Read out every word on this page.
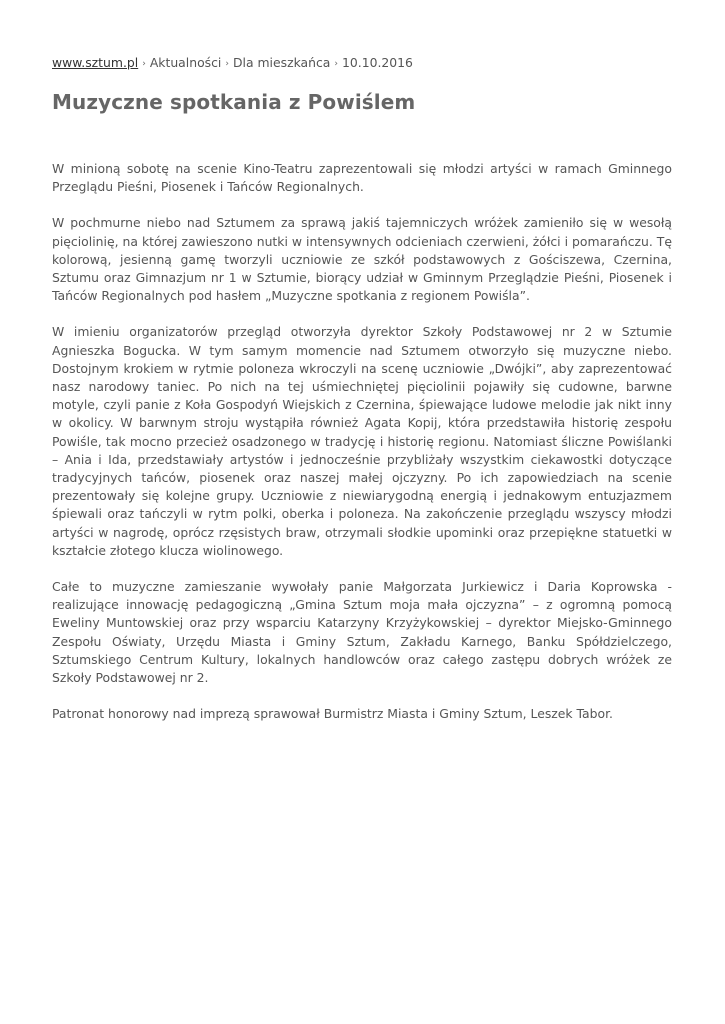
www.sztum.pl › Aktualności › Dla mieszkańca › 10.10.2016
Muzyczne spotkania z Powiślem

W minioną sobotę na scenie Kino-Teatru zaprezentowali się młodzi artyści w ramach Gminnego Przeglądu Pieśni, Piosenek i Tańców Regionalnych.

W pochmurne niebo nad Sztumem za sprawą jakiś tajemniczych wróżek zamieniło się w wesołą pięciolinię, na której zawieszono nutki w intensywnych odcieniach czerwieni, żółci i pomarańczu. Tę kolorową, jesienną gamę tworzyli uczniowie ze szkół podstawowych z Gościszewa, Czernina, Sztumu oraz Gimnazjum nr 1 w Sztumie, biorący udział w Gminnym Przeglądzie Pieśni, Piosenek i Tańców Regionalnych pod hasłem „Muzyczne spotkania z regionem Powiśla”.

W imieniu organizatorów przegląd otworzyła dyrektor Szkoły Podstawowej nr 2 w Sztumie Agnieszka Bogucka. W tym samym momencie nad Sztumem otworzyło się muzyczne niebo. Dostojnym krokiem w rytmie poloneza wkroczyli na scenę uczniowie „Dwójki”, aby zaprezentować nasz narodowy taniec. Po nich na tej uśmiechniętej pięciolinii pojawiły się cudowne, barwne motyle, czyli panie z Koła Gospodyń Wiejskich z Czernina, śpiewające ludowe melodie jak nikt inny w okolicy. W barwnym stroju wystąpiła również Agata Kopij, która przedstawiła historię zespołu Powiśle, tak mocno przecież osadzonego w tradycję i historię regionu. Natomiast śliczne Powiślanki – Ania i Ida, przedstawiały artystów i jednocześnie przybliżały wszystkim ciekawostki dotyczące tradycyjnych tańców, piosenek oraz naszej małej ojczyzny. Po ich zapowiedziach na scenie prezentowały się kolejne grupy. Uczniowie z niewiarygodną energią i jednakowym entuzjazmem śpiewali oraz tańczyli w rytm polki, oberka i poloneza. Na zakończenie przeglądu wszyscy młodzi artyści w nagrodę, oprócz rzęsistych braw, otrzymali słodkie upominki oraz przepiękne statuetki w kształcie złotego klucza wiolinowego.

Całe to muzyczne zamieszanie wywołały panie Małgorzata Jurkiewicz i Daria Koprowska - realizujące innowację pedagogiczną „Gmina Sztum moja mała ojczyzna” – z ogromną pomocą Eweliny Muntowskiej oraz przy wsparciu Katarzyny Krzyżykowskiej – dyrektor Miejsko-Gminnego Zespołu Oświaty, Urzędu Miasta i Gminy Sztum, Zakładu Karnego, Banku Spółdzielczego, Sztumskiego Centrum Kultury, lokalnych handlowców oraz całego zastępu dobrych wróżek ze Szkoły Podstawowej nr 2.

Patronat honorowy nad imprezą sprawował Burmistrz Miasta i Gminy Sztum, Leszek Tabor.
